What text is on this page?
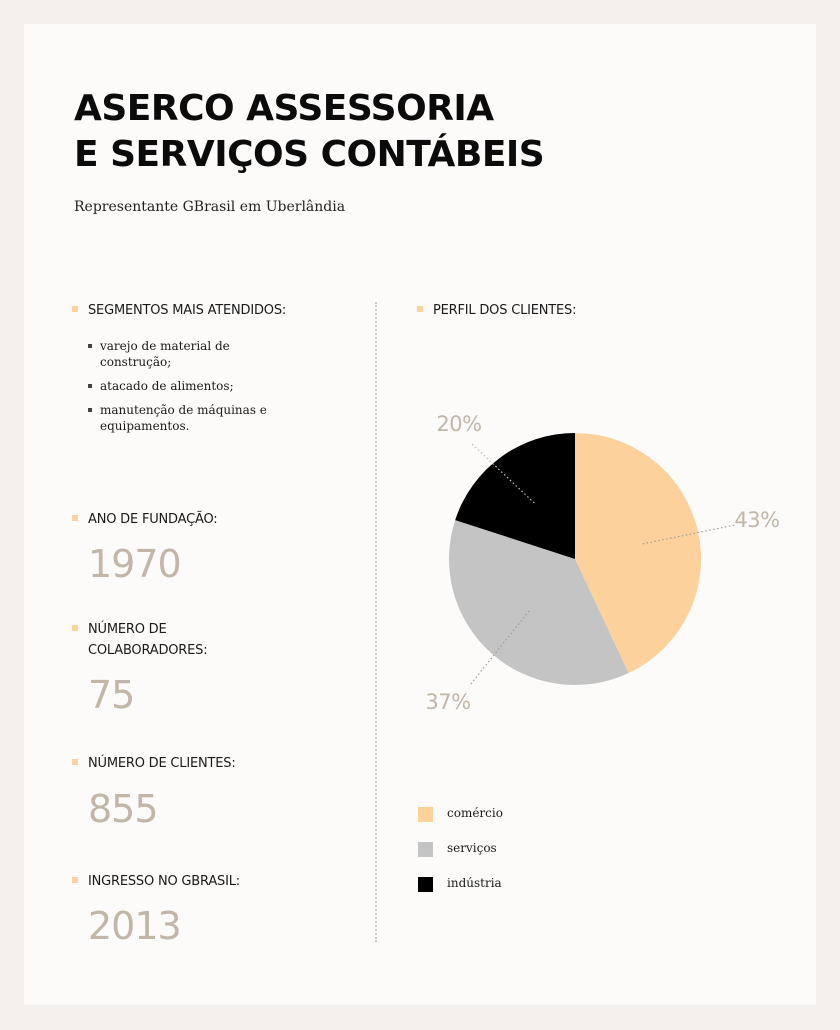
ASERCO ASSESSORIA
E SERVIÇOS CONTÁBEIS
Representante GBrasil em Uberlândia
SEGMENTOS MAIS ATENDIDOS:
varejo de material de construção;
atacado de alimentos;
manutenção de máquinas e equipamentos.
ANO DE FUNDAÇÃO:
1970
NÚMERO DE
COLABORADORES:
75
NÚMERO DE CLIENTES:
855
INGRESSO NO GBRASIL:
2013
PERFIL DOS CLIENTES:
43%
37%
20%
comércio
serviços
indústria
